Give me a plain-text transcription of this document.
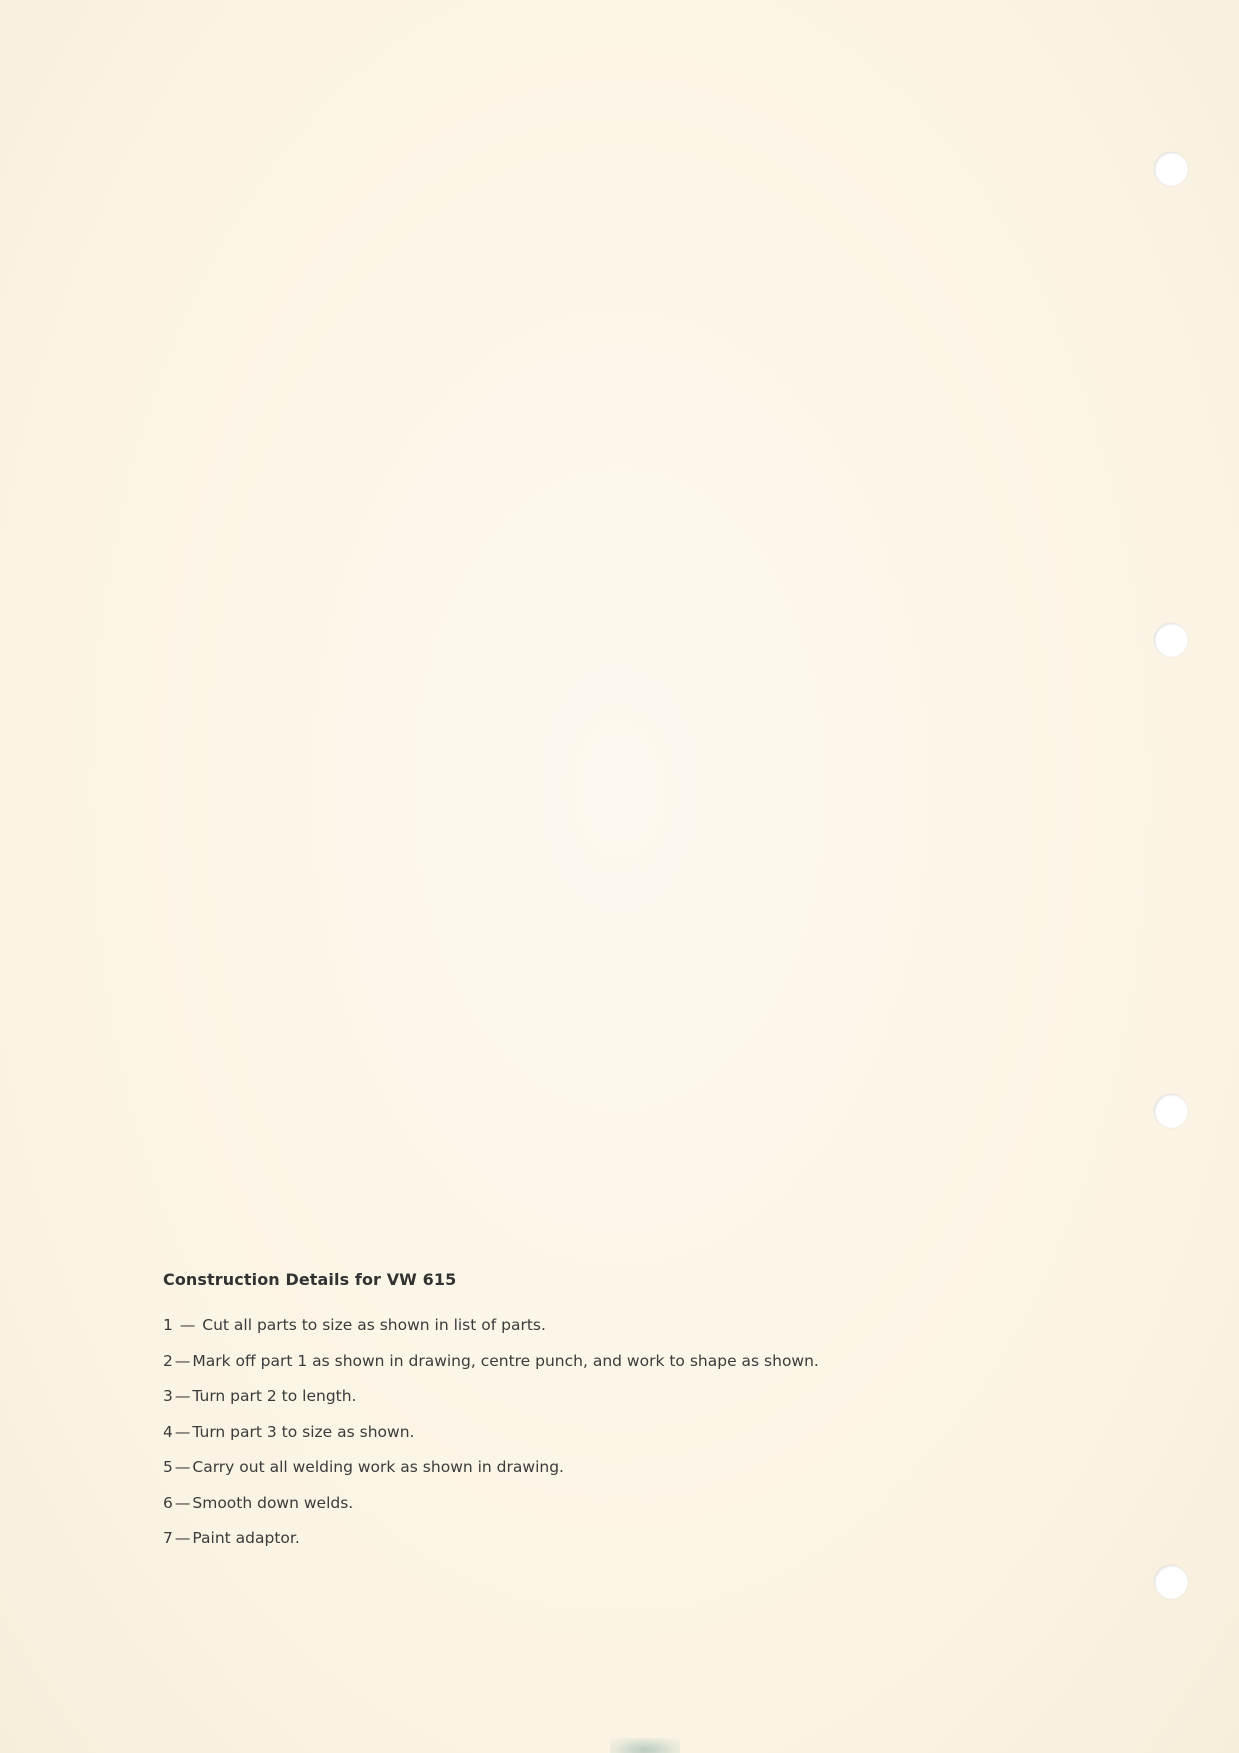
Construction Details for VW 615
1 — Cut all parts to size as shown in list of parts.
2 — Mark off part 1 as shown in drawing, centre punch, and work to shape as shown.
3 — Turn part 2 to length.
4 — Turn part 3 to size as shown.
5 — Carry out all welding work as shown in drawing.
6 — Smooth down welds.
7 — Paint adaptor.
